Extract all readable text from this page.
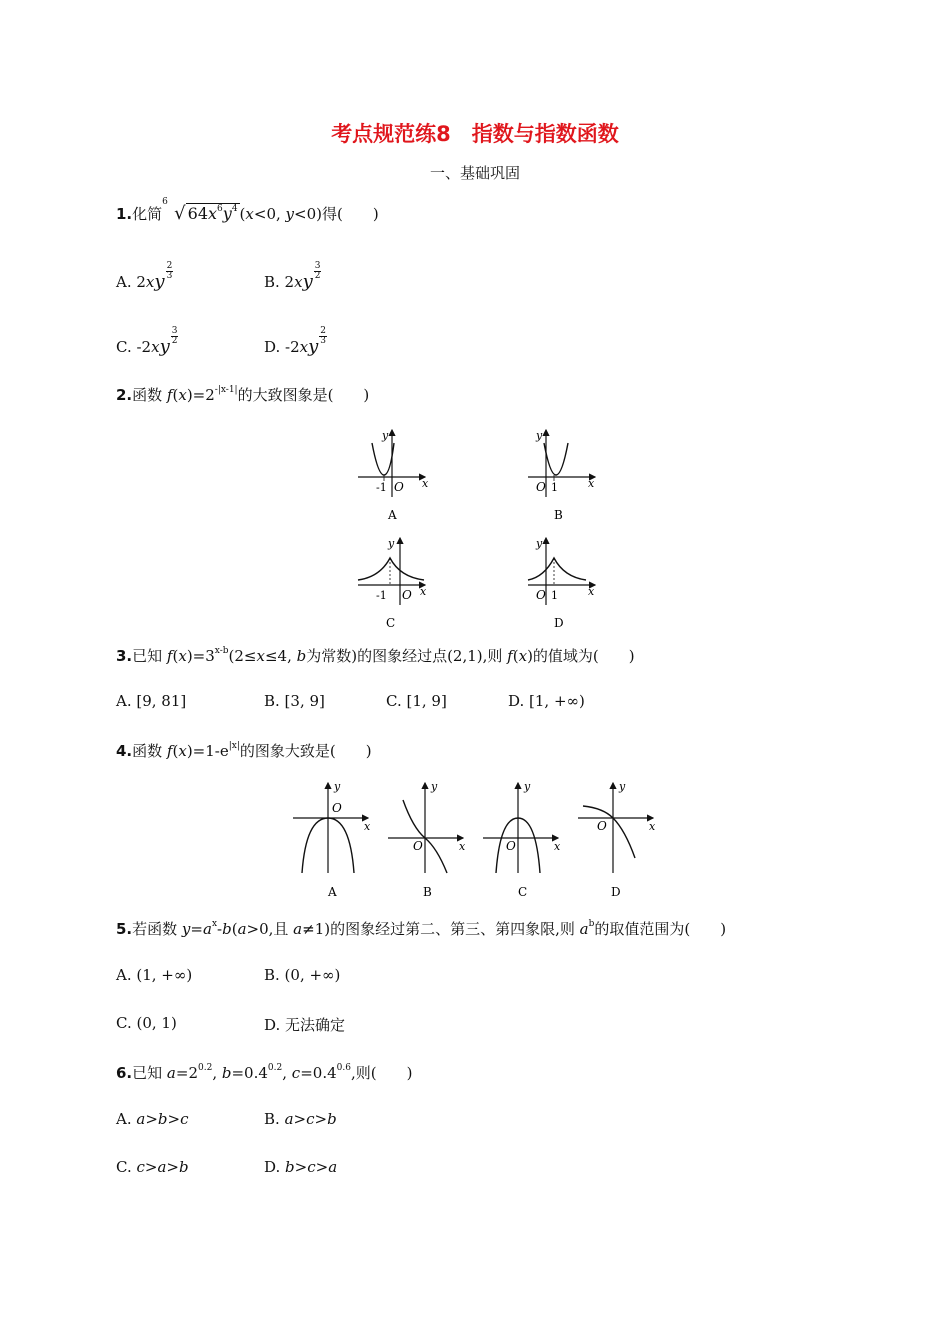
考点规范练8　指数与指数函数
一、基础巩固
1.化简
6
√ $64x^6y^4$ (x<0, y<0)得(　　)
A. $2xy \frac{2}{3}$
B. $2xy \frac{3}{2}$
C. $-2xy \frac{3}{2}$
D. $-2xy \frac{2}{3}$
2.函数 $f(x)=2^{-|x-1|}$的大致图象是(　　)
y
x
-1 O
A
y
x
O 1
B
y
x
-1 O
C
y
x
O 1
D
3.已知 $f(x)=3^{x-b}(2\le x\le 4$, b为常数)的图象经过点(2,1),则 f(x)的值域为(　　)
A. [9, 81]	B. [3, 9]	C. [1, 9]	D. [1, +∞)
4.函数 $f(x)=1-e^{|x|}$的图象大致是(　　)
y
O
x
A
y
O	x
B
y
O	x
C
y
O	x
D
5.若函数 $y=a^x-b(a>0$,且 a≠1)的图象经过第二、第三、第四象限,则 $a^b$的取值范围为(　　)
A. (1, +∞)	B. (0, +∞)
C. (0, 1)	D. 无法确定
6.已知 $a=2^{0.2}$, $b=0.4^{0.2}$, $c=0.4^{0.6}$,则(　　)
A. a>b>c	B. a>c>b
C. c>a>b	D. b>c>a
